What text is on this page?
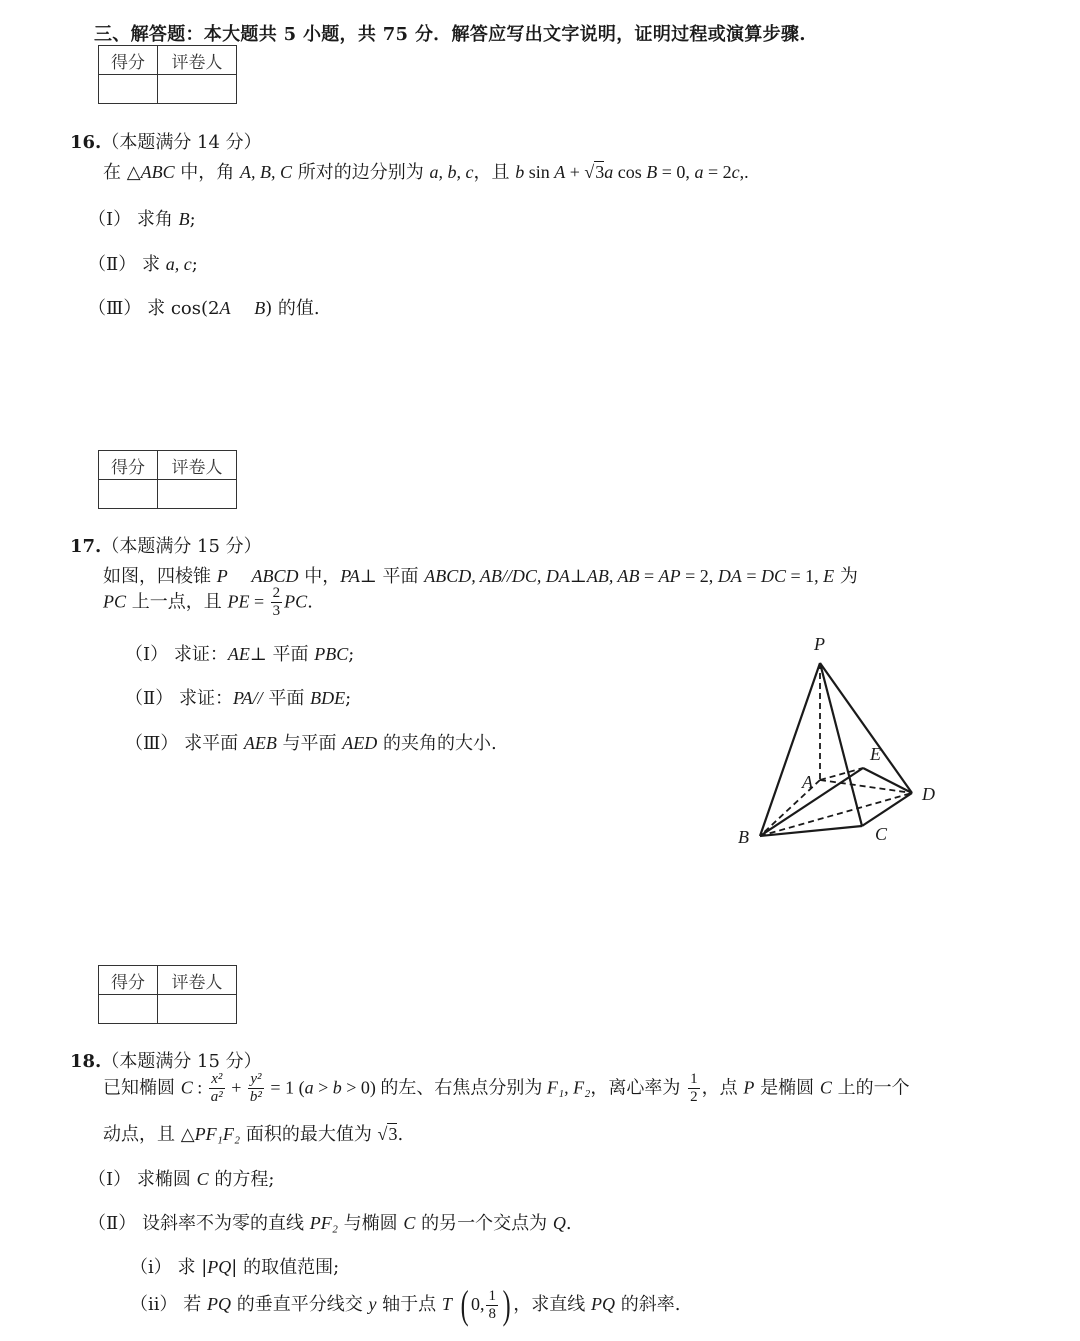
三、解答题：本大题共 5 小题，共 75 分．解答应写出文字说明，证明过程或演算步骤.
得分	评卷人

16.（本题满分 14 分）
在 △ABC 中，角 A, B, C 所对的边分别为 a, b, c，且 b sin A + √3a cos B = 0, a = 2c,.
（Ⅰ） 求角 B;
（Ⅱ） 求 a, c;
（Ⅲ） 求 cos(2A　 B) 的值.
得分	评卷人

17.（本题满分 15 分）
如图，四棱锥 P　 ABCD 中，PA⊥ 平面 ABCD, AB//DC, DA⊥AB, AB = AP = 2, DA = DC = 1, E 为
PC 上一点，且 PE = $\frac{2}{3}$ PC.
（Ⅰ） 求证：AE⊥ 平面 PBC;
（Ⅱ） 求证：PA// 平面 BDE;
（Ⅲ） 求平面 AEB 与平面 AED 的夹角的大小.
P
A
B	C
D
E
得分	评卷人

18.（本题满分 15 分）
已知椭圆 C : $\frac{\text{x²}}{\text{a²}} + \frac{\text{y²}}{\text{b²}} = 1$ (a > b > 0) 的左、右焦点分别为 F₁, F₂，离心率为 $\frac{1}{2}$ ，点 P 是椭圆 C 上的一个
动点，且 △PF₁F₂ 面积的最大值为 √3.
（Ⅰ） 求椭圆 C 的方程;
（Ⅱ） 设斜率不为零的直线 PF₂ 与椭圆 C 的另一个交点为 Q.
（i） 求 |PQ| 的取值范围;
（ii） 若 PQ 的垂直平分线交 y 轴于点 T ( 0, $\frac{1}{8}$ ) ，求直线 PQ 的斜率.
